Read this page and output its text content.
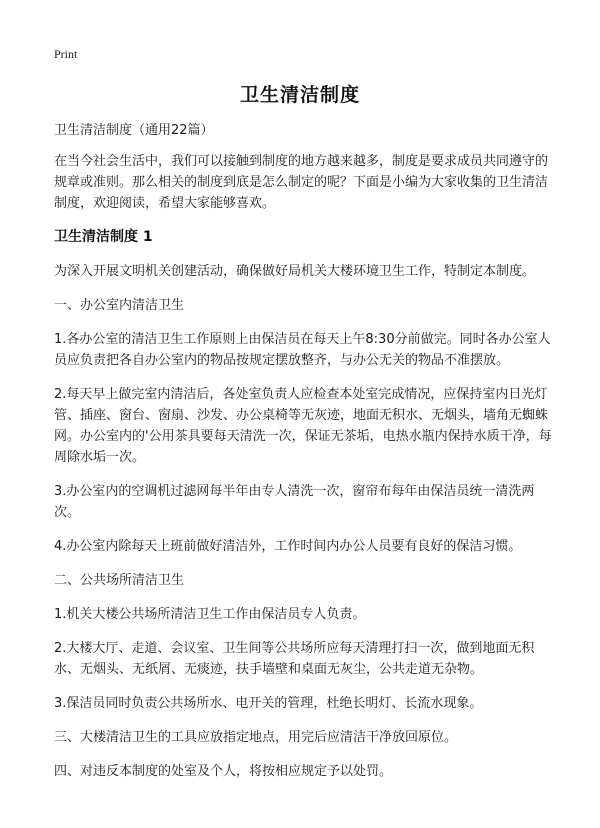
Print
卫生清洁制度

卫生清洁制度（通用22篇）

在当今社会生活中，我们可以接触到制度的地方越来越多，制度是要求成员共同遵守的规章或准则。那么相关的制度到底是怎么制定的呢？下面是小编为大家收集的卫生清洁制度，欢迎阅读，希望大家能够喜欢。

卫生清洁制度 1

为深入开展文明机关创建活动，确保做好局机关大楼环境卫生工作，特制定本制度。

一、办公室内清洁卫生

1.各办公室的清洁卫生工作原则上由保洁员在每天上午8:30分前做完。同时各办公室人员应负责把各自办公室内的物品按规定摆放整齐，与办公无关的物品不准摆放。

2.每天早上做完室内清洁后，各处室负责人应检查本处室完成情况，应保持室内日光灯管、插座、窗台、窗扇、沙发、办公桌椅等无灰迹，地面无积水、无烟头，墙角无蜘蛛网。办公室内的'公用茶具要每天清洗一次，保证无茶垢，电热水瓶内保持水质干净，每周除水垢一次。

3.办公室内的空调机过滤网每半年由专人清洗一次，窗帘布每年由保洁员统一清洗两次。

4.办公室内除每天上班前做好清洁外，工作时间内办公人员要有良好的保洁习惯。

二、公共场所清洁卫生

1.机关大楼公共场所清洁卫生工作由保洁员专人负责。

2.大楼大厅、走道、会议室、卫生间等公共场所应每天清理打扫一次，做到地面无积水、无烟头、无纸屑、无痰迹，扶手墙壁和桌面无灰尘，公共走道无杂物。

3.保洁员同时负责公共场所水、电开关的管理，杜绝长明灯、长流水现象。

三、大楼清洁卫生的工具应放指定地点，用完后应清洁干净放回原位。

四、对违反本制度的处室及个人，将按相应规定予以处罚。
